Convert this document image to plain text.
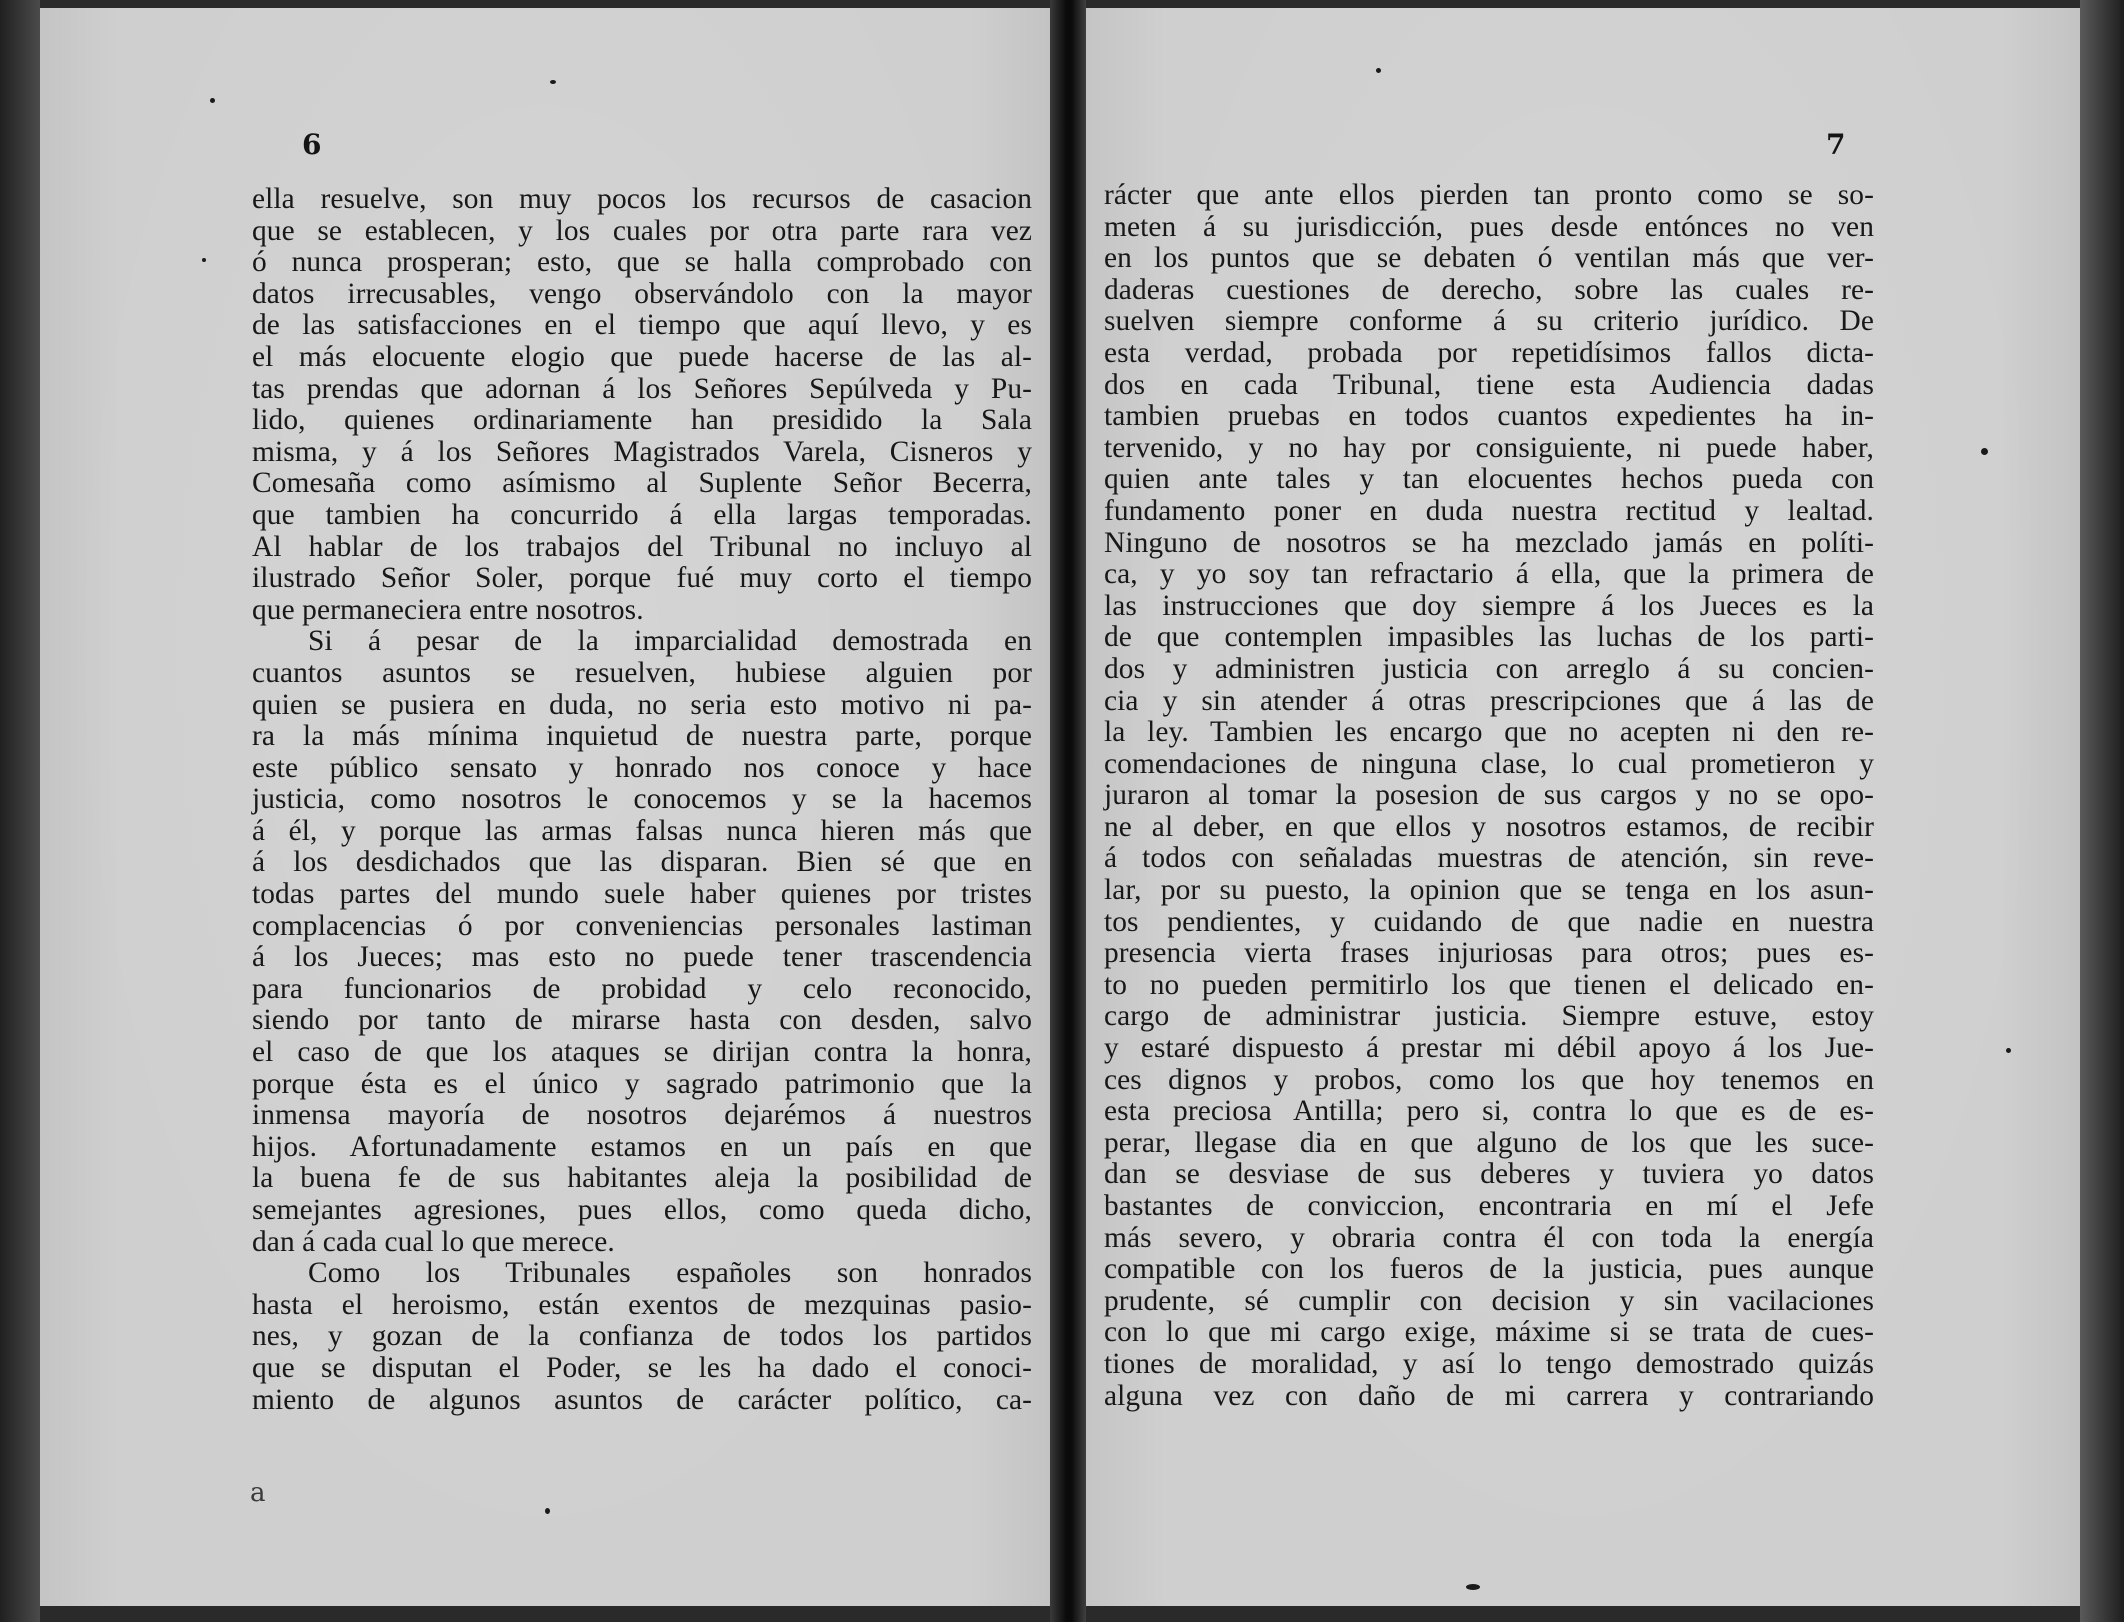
6
ella resuelve, son muy pocos los recursos de casacion
que se establecen, y los cuales por otra parte rara vez
ó nunca prosperan; esto, que se halla comprobado con
datos irrecusables, vengo observándolo con la mayor
de las satisfacciones en el tiempo que aquí llevo, y es
el más elocuente elogio que puede hacerse de las al-
tas prendas que adornan á los Señores Sepúlveda y Pu-
lido, quienes ordinariamente han presidido la Sala
misma, y á los Señores Magistrados Varela, Cisneros y
Comesaña como asímismo al Suplente Señor Becerra,
que tambien ha concurrido á ella largas temporadas.
Al hablar de los trabajos del Tribunal no incluyo al
ilustrado Señor Soler, porque fué muy corto el tiempo
que permaneciera entre nosotros.
Si á pesar de la imparcialidad demostrada en
cuantos asuntos se resuelven, hubiese alguien por
quien se pusiera en duda, no seria esto motivo ni pa-
ra la más mínima inquietud de nuestra parte, porque
este público sensato y honrado nos conoce y hace
justicia, como nosotros le conocemos y se la hacemos
á él, y porque las armas falsas nunca hieren más que
á los desdichados que las disparan. Bien sé que en
todas partes del mundo suele haber quienes por tristes
complacencias ó por conveniencias personales lastiman
á los Jueces; mas esto no puede tener trascendencia
para funcionarios de probidad y celo reconocido,
siendo por tanto de mirarse hasta con desden, salvo
el caso de que los ataques se dirijan contra la honra,
porque ésta es el único y sagrado patrimonio que la
inmensa mayoría de nosotros dejarémos á nuestros
hijos. Afortunadamente estamos en un país en que
la buena fe de sus habitantes aleja la posibilidad de
semejantes agresiones, pues ellos, como queda dicho,
dan á cada cual lo que merece.
Como los Tribunales españoles son honrados
hasta el heroismo, están exentos de mezquinas pasio-
nes, y gozan de la confianza de todos los partidos
que se disputan el Poder, se les ha dado el conoci-
miento de algunos asuntos de carácter político, ca-
a
7
rácter que ante ellos pierden tan pronto como se so-
meten á su jurisdicción, pues desde entónces no ven
en los puntos que se debaten ó ventilan más que ver-
daderas cuestiones de derecho, sobre las cuales re-
suelven siempre conforme á su criterio jurídico. De
esta verdad, probada por repetidísimos fallos dicta-
dos en cada Tribunal, tiene esta Audiencia dadas
tambien pruebas en todos cuantos expedientes ha in-
tervenido, y no hay por consiguiente, ni puede haber,
quien ante tales y tan elocuentes hechos pueda con
fundamento poner en duda nuestra rectitud y lealtad.
Ninguno de nosotros se ha mezclado jamás en políti-
ca, y yo soy tan refractario á ella, que la primera de
las instrucciones que doy siempre á los Jueces es la
de que contemplen impasibles las luchas de los parti-
dos y administren justicia con arreglo á su concien-
cia y sin atender á otras prescripciones que á las de
la ley. Tambien les encargo que no acepten ni den re-
comendaciones de ninguna clase, lo cual prometieron y
juraron al tomar la posesion de sus cargos y no se opo-
ne al deber, en que ellos y nosotros estamos, de recibir
á todos con señaladas muestras de atención, sin reve-
lar, por su puesto, la opinion que se tenga en los asun-
tos pendientes, y cuidando de que nadie en nuestra
presencia vierta frases injuriosas para otros; pues es-
to no pueden permitirlo los que tienen el delicado en-
cargo de administrar justicia. Siempre estuve, estoy
y estaré dispuesto á prestar mi débil apoyo á los Jue-
ces dignos y probos, como los que hoy tenemos en
esta preciosa Antilla; pero si, contra lo que es de es-
perar, llegase dia en que alguno de los que les suce-
dan se desviase de sus deberes y tuviera yo datos
bastantes de conviccion, encontraria en mí el Jefe
más severo, y obraria contra él con toda la energía
compatible con los fueros de la justicia, pues aunque
prudente, sé cumplir con decision y sin vacilaciones
con lo que mi cargo exige, máxime si se trata de cues-
tiones de moralidad, y así lo tengo demostrado quizás
alguna vez con daño de mi carrera y contrariando
